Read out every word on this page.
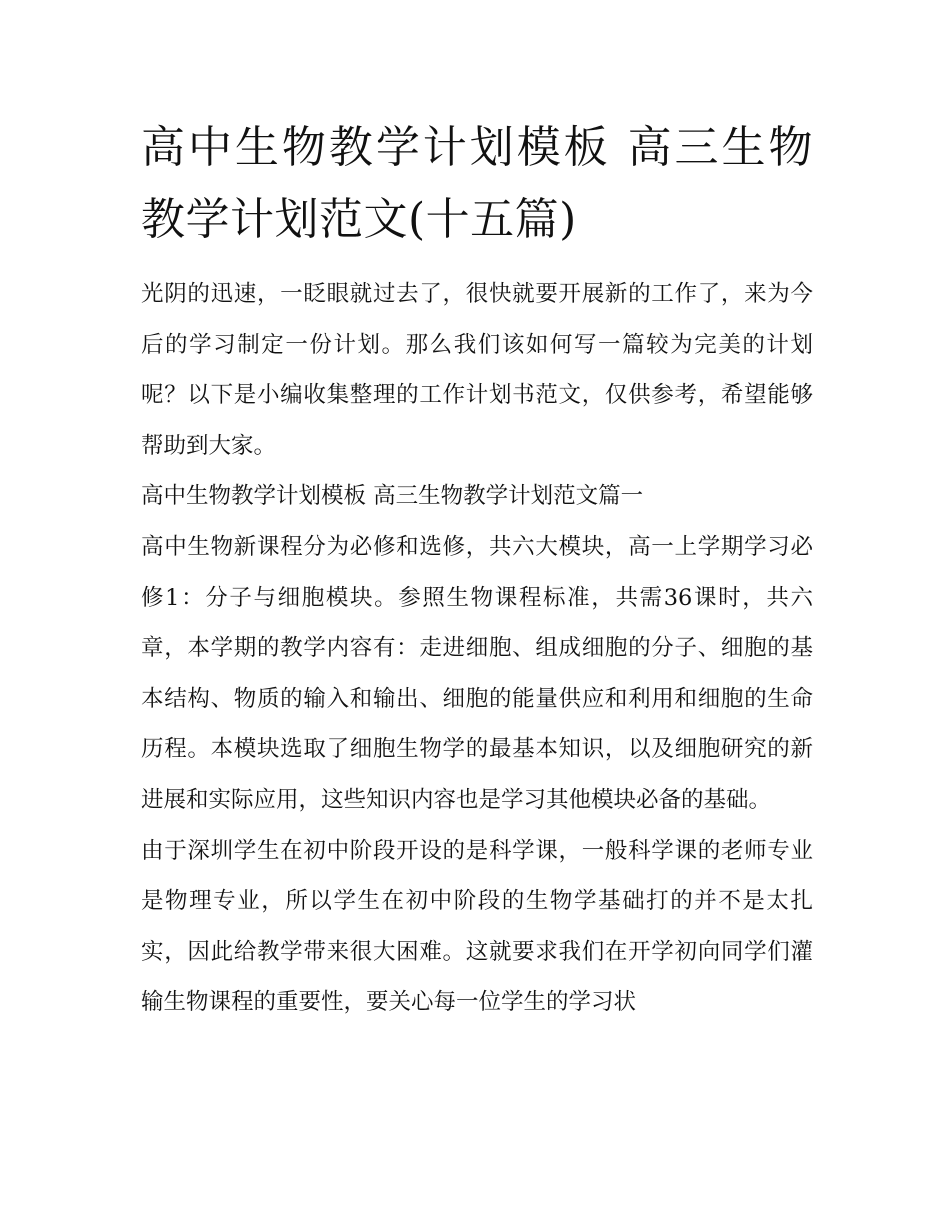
高中生物教学计划模板 高三生物教学计划范文(十五篇)

光阴的迅速，一眨眼就过去了，很快就要开展新的工作了，来为今后的学习制定一份计划。那么我们该如何写一篇较为完美的计划呢？以下是小编收集整理的工作计划书范文，仅供参考，希望能够帮助到大家。

高中生物教学计划模板 高三生物教学计划范文篇一

高中生物新课程分为必修和选修，共六大模块，高一上学期学习必修1：分子与细胞模块。参照生物课程标准，共需36课时，共六章，本学期的教学内容有：走进细胞、组成细胞的分子、细胞的基本结构、物质的输入和输出、细胞的能量供应和利用和细胞的生命历程。本模块选取了细胞生物学的最基本知识，以及细胞研究的新进展和实际应用，这些知识内容也是学习其他模块必备的基础。

由于深圳学生在初中阶段开设的是科学课，一般科学课的老师专业是物理专业，所以学生在初中阶段的生物学基础打的并不是太扎实，因此给教学带来很大困难。这就要求我们在开学初向同学们灌输生物课程的重要性，要关心每一位学生的学习状
